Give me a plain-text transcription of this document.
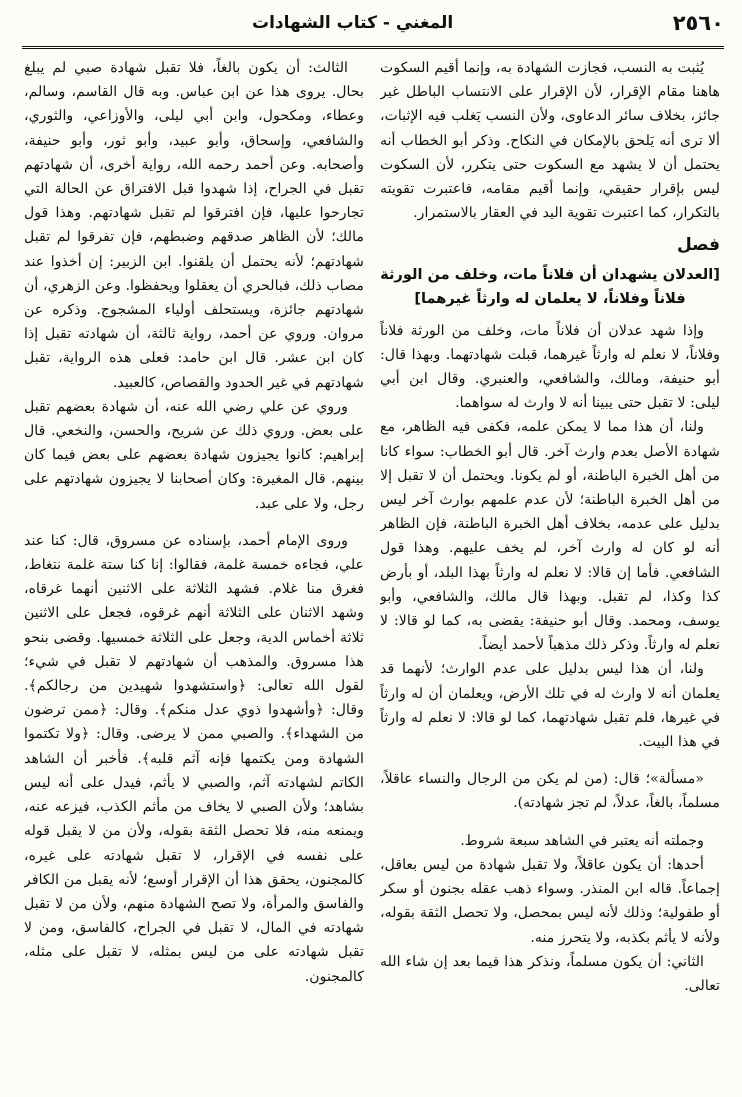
٢٥٦٠
المغني - كتاب الشهادات

يُثبت به النسب، فجازت الشهادة به، وإنما أقيم السكوت هاهنا مقام الإقرار، لأن الإقرار على الانتساب الباطل غير جائز، بخلاف سائر الدعاوى، ولأن النسب يَغلب فيه الإثبات، ألا ترى أنه يَلحق بالإمكان في النكاح. وذكر أبو الخطاب أنه يحتمل أن لا يشهد مع السكوت حتى يتكرر، لأن السكوت ليس بإقرار حقيقي، وإنما أقيم مقامه، فاعتبرت تقويته بالتكرار، كما اعتبرت تقوية اليد في العقار بالاستمرار.

فصل
[العدلان يشهدان أن فلاناً مات، وخلف من الورثة فلاناً وفلاناً، لا يعلمان له وارثاً غيرهما]

وإذا شهد عدلان أن فلاناً مات، وخلف من الورثة فلاناً وفلاناً، لا نعلم له وارثاً غيرهما، قبلت شهادتهما. وبهذا قال: أبو حنيفة، ومالك، والشافعي، والعنبري. وقال ابن أبي ليلى: لا تقبل حتى يبينا أنه لا وارث له سواهما.

ولنا، أن هذا مما لا يمكن علمه، فكفى فيه الظاهر، مع شهادة الأصل بعدم وارث آخر. قال أبو الخطاب: سواء كانا من أهل الخبرة الباطنة، أو لم يكونا. ويحتمل أن لا تقبل إلا من أهل الخبرة الباطنة؛ لأن عدم علمهم بوارث آخر ليس بدليل على عدمه، بخلاف أهل الخبرة الباطنة، فإن الظاهر أنه لو كان له وارث آخر، لم يخف عليهم. وهذا قول الشافعي. فأما إن قالا: لا نعلم له وارثاً بهذا البلد، أو بأرض كذا وكذا، لم تقبل. وبهذا قال مالك، والشافعي، وأبو يوسف، ومحمد. وقال أبو حنيفة: يقضى به، كما لو قالا: لا نعلم له وارثاً. وذكر ذلك مذهباً لأحمد أيضاً.

ولنا، أن هذا ليس بدليل على عدم الوارث؛ لأنهما قد يعلمان أنه لا وارث له في تلك الأرض، ويعلمان أن له وارثاً في غيرها، فلم تقبل شهادتهما، كما لو قالا: لا نعلم له وارثاً في هذا البيت.

«مسألة»؛ قال: (من لم يكن من الرجال والنساء عاقلاً، مسلماً، بالغاً، عدلاً، لم تجز شهادته).

وجملته أنه يعتبر في الشاهد سبعة شروط.

أحدها: أن يكون عاقلاً، ولا تقبل شهادة من ليس بعاقل، إجماعاً. قاله ابن المنذر. وسواء ذهب عقله بجنون أو سكر أو طفولية؛ وذلك لأنه ليس بمحصل، ولا تحصل الثقة بقوله، ولأنه لا يأثم بكذبه، ولا يتحرز منه.

الثاني: أن يكون مسلماً، ونذكر هذا فيما بعد إن شاء الله تعالى.

الثالث: أن يكون بالغاً، فلا تقبل شهادة صبي لم يبلغ بحال. يروى هذا عن ابن عباس. وبه قال القاسم، وسالم، وعطاء، ومكحول، وابن أبي ليلى، والأوزاعي، والثوري، والشافعي، وإسحاق، وأبو عبيد، وأبو ثور، وأبو حنيفة، وأصحابه. وعن أحمد رحمه الله، رواية أخرى، أن شهادتهم تقبل في الجراح، إذا شهدوا قبل الافتراق عن الحالة التي تجارحوا عليها، فإن افترقوا لم تقبل شهادتهم. وهذا قول مالك؛ لأن الظاهر صدقهم وضبطهم، فإن تفرقوا لم تقبل شهادتهم؛ لأنه يحتمل أن يلقنوا. ابن الزبير: إن أخذوا عند مصاب ذلك، فبالحري أن يعقلوا ويحفظوا. وعن الزهري، أن شهادتهم جائزة، ويستحلف أولياء المشجوج. وذكره عن مروان. وروي عن أحمد، رواية ثالثة، أن شهادته تقبل إذا كان ابن عشر. قال ابن حامد: فعلى هذه الرواية، تقبل شهادتهم في غير الحدود والقصاص، كالعبيد.

وروي عن علي رضي الله عنه، أن شهادة بعضهم تقبل على بعض. وروي ذلك عن شريح، والحسن، والنخعي. قال إبراهيم: كانوا يجيزون شهادة بعضهم على بعض فيما كان بينهم. قال المغيرة: وكان أصحابنا لا يجيزون شهادتهم على رجل، ولا على عبد.

وروى الإمام أحمد، بإسناده عن مسروق، قال: كنا عند علي، فجاءه خمسة غلمة، فقالوا: إنا كنا ستة غلمة نتغاط، فغرق منا غلام. فشهد الثلاثة على الاثنين أنهما غرقاه، وشهد الاثنان على الثلاثة أنهم غرقوه، فجعل على الاثنين ثلاثة أخماس الدية، وجعل على الثلاثة خمسيها. وقضى بنحو هذا مسروق. والمذهب أن شهادتهم لا تقبل في شيء؛ لقول الله تعالى: ﴿واستشهدوا شهيدين من رجالكم﴾. وقال: ﴿وأشهدوا ذوي عدل منكم﴾. وقال: ﴿ممن ترضون من الشهداء﴾. والصبي ممن لا يرضى. وقال: ﴿ولا تكتموا الشهادة ومن يكتمها فإنه آثم قلبه﴾. فأخبر أن الشاهد الكاتم لشهادته آثم، والصبي لا يأثم، فيدل على أنه ليس بشاهد؛ ولأن الصبي لا يخاف من مأثم الكذب، فيزعه عنه، ويمنعه منه، فلا تحصل الثقة بقوله، ولأن من لا يقبل قوله على نفسه في الإقرار، لا تقبل شهادته على غيره، كالمجنون، يحقق هذا أن الإقرار أوسع؛ لأنه يقبل من الكافر والفاسق والمرأة، ولا تصح الشهادة منهم، ولأن من لا تقبل شهادته في المال، لا تقبل في الجراح، كالفاسق، ومن لا تقبل شهادته على من ليس بمثله، لا تقبل على مثله، كالمجنون.
